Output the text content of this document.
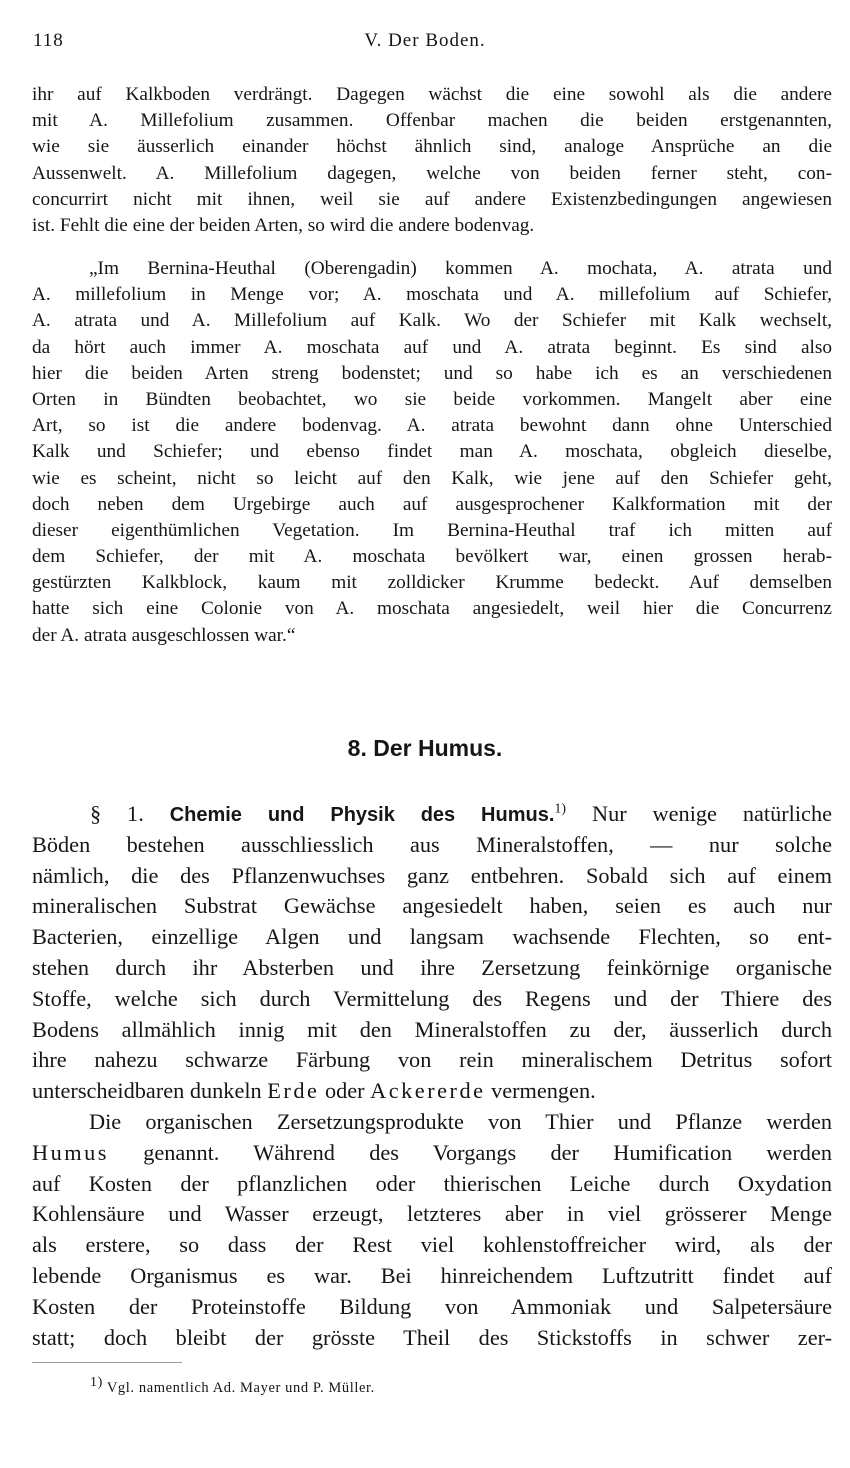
118	V. Der Boden.
ihr auf Kalkboden verdrängt. Dagegen wächst die eine sowohl als die andere
mit A. Millefolium zusammen. Offenbar machen die beiden erstgenannten,
wie sie äusserlich einander höchst ähnlich sind, analoge Ansprüche an die
Aussenwelt. A. Millefolium dagegen, welche von beiden ferner steht, con-
concurrirt nicht mit ihnen, weil sie auf andere Existenzbedingungen angewiesen
ist. Fehlt die eine der beiden Arten, so wird die andere bodenvag.
„Im Bernina-Heuthal (Oberengadin) kommen A. mochata, A. atrata und
A. millefolium in Menge vor; A. moschata und A. millefolium auf Schiefer,
A. atrata und A. Millefolium auf Kalk. Wo der Schiefer mit Kalk wechselt,
da hört auch immer A. moschata auf und A. atrata beginnt. Es sind also
hier die beiden Arten streng bodenstet; und so habe ich es an verschiedenen
Orten in Bündten beobachtet, wo sie beide vorkommen. Mangelt aber eine
Art, so ist die andere bodenvag. A. atrata bewohnt dann ohne Unterschied
Kalk und Schiefer; und ebenso findet man A. moschata, obgleich dieselbe,
wie es scheint, nicht so leicht auf den Kalk, wie jene auf den Schiefer geht,
doch neben dem Urgebirge auch auf ausgesprochener Kalkformation mit der
dieser eigenthümlichen Vegetation. Im Bernina-Heuthal traf ich mitten auf
dem Schiefer, der mit A. moschata bevölkert war, einen grossen herab-
gestürzten Kalkblock, kaum mit zolldicker Krumme bedeckt. Auf demselben
hatte sich eine Colonie von A. moschata angesiedelt, weil hier die Concurrenz
der A. atrata ausgeschlossen war.“
8. Der Humus.
§ 1. Chemie und Physik des Humus.$^{1)}$ Nur wenige natürliche
Böden bestehen ausschliesslich aus Mineralstoffen, — nur solche
nämlich, die des Pflanzenwuchses ganz entbehren. Sobald sich auf einem
mineralischen Substrat Gewächse angesiedelt haben, seien es auch nur
Bacterien, einzellige Algen und langsam wachsende Flechten, so ent-
stehen durch ihr Absterben und ihre Zersetzung feinkörnige organische
Stoffe, welche sich durch Vermittelung des Regens und der Thiere des
Bodens allmählich innig mit den Mineralstoffen zu der, äusserlich durch
ihre nahezu schwarze Färbung von rein mineralischem Detritus sofort
unterscheidbaren dunkeln Erde oder Ackererde vermengen.
Die organischen Zersetzungsprodukte von Thier und Pflanze werden
Humus genannt. Während des Vorgangs der Humification werden
auf Kosten der pflanzlichen oder thierischen Leiche durch Oxydation
Kohlensäure und Wasser erzeugt, letzteres aber in viel grösserer Menge
als erstere, so dass der Rest viel kohlenstoffreicher wird, als der
lebende Organismus es war. Bei hinreichendem Luftzutritt findet auf
Kosten der Proteinstoffe Bildung von Ammoniak und Salpetersäure
statt; doch bleibt der grösste Theil des Stickstoffs in schwer zer-
1) Vgl. namentlich Ad. Mayer und P. Müller.
